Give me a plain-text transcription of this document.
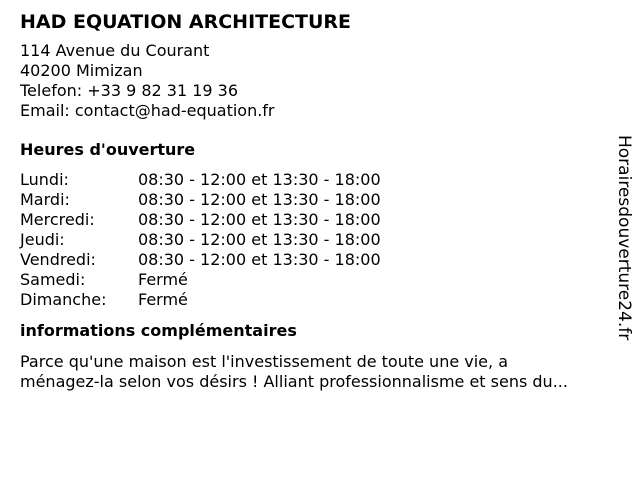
HAD EQUATION ARCHITECTURE
114 Avenue du Courant
40200 Mimizan
Telefon: +33 9 82 31 19 36
Email: contact@had-equation.fr
Heures d'ouverture
Lundi:	08:30 - 12:00 et 13:30 - 18:00
Mardi:	08:30 - 12:00 et 13:30 - 18:00
Mercredi:	08:30 - 12:00 et 13:30 - 18:00
Jeudi:	08:30 - 12:00 et 13:30 - 18:00
Vendredi:	08:30 - 12:00 et 13:30 - 18:00
Samedi:	Fermé
Dimanche:	Fermé
informations complémentaires
Parce qu'une maison est l'investissement de toute une vie, a
ménagez-la selon vos désirs ! Alliant professionnalisme et sens du...
Horairesdouverture24.fr
